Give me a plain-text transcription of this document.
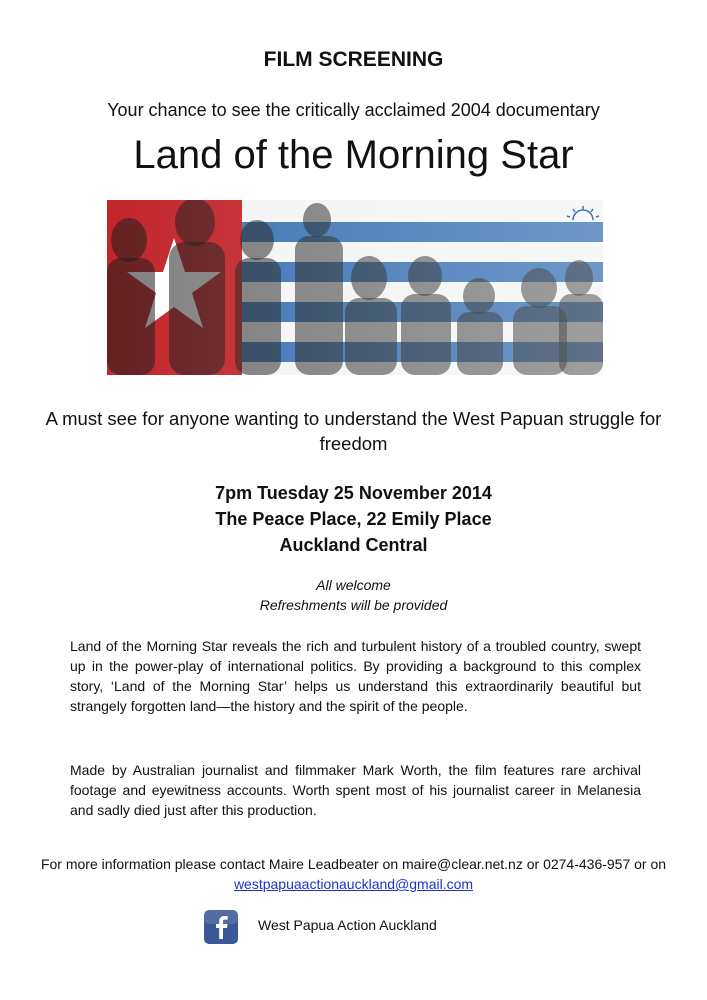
FILM SCREENING
Your chance to see the critically acclaimed 2004 documentary
Land of the Morning Star
A must see for anyone wanting to understand the West Papuan struggle for freedom
7pm Tuesday 25 November 2014
The Peace Place, 22 Emily Place
Auckland Central
All welcome
Refreshments will be provided
Land of the Morning Star reveals the rich and turbulent history of a troubled country, swept up in the power-play of international politics. By providing a background to this complex story, ‘Land of the Morning Star’ helps us understand this extraordinarily beautiful but strangely forgotten land—the history and the spirit of the people.
Made by Australian journalist and filmmaker Mark Worth, the film features rare archival footage and eyewitness accounts. Worth spent most of his journalist career in Melanesia and sadly died just after this production.
For more information please contact Maire Leadbeater on maire@clear.net.nz or 0274-436-957 or on westpapuaactionauckland@gmail.com
West Papua Action Auckland
